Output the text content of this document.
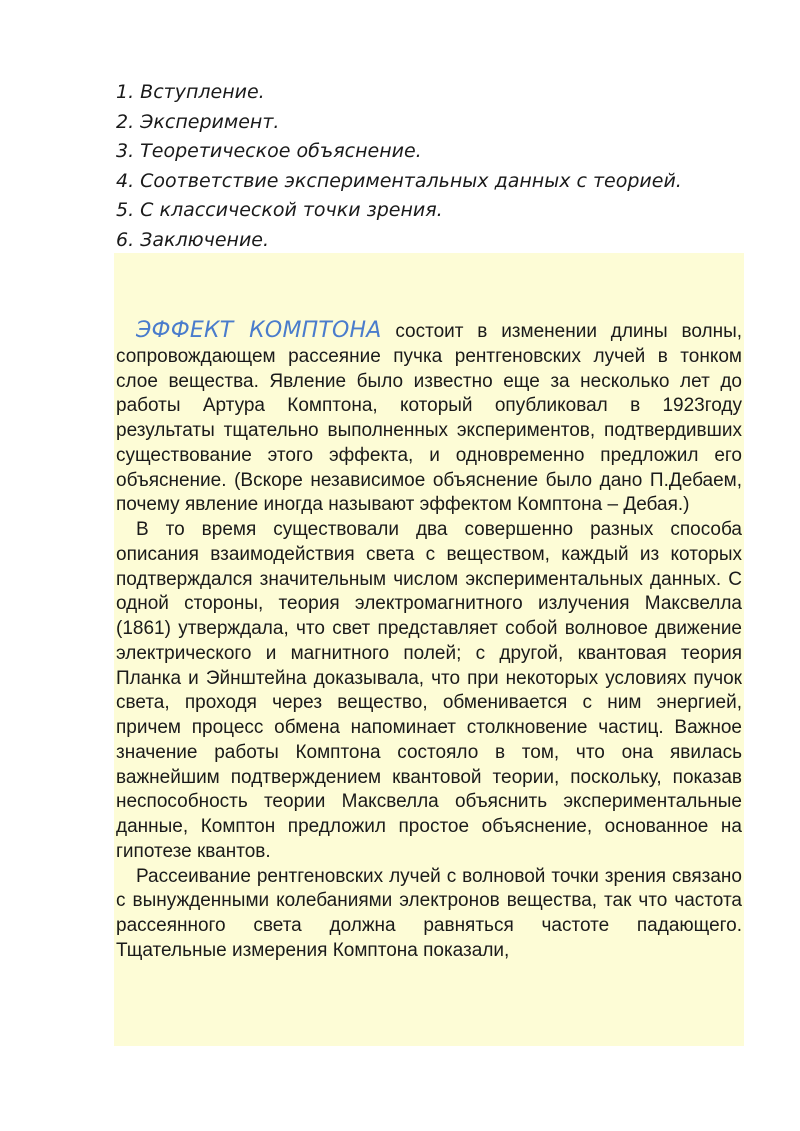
1. Вступление.
2. Эксперимент.
3. Теоретическое объяснение.
4. Соответствие экспериментальных данных с теорией.
5. С классической точки зрения.
6. Заключение.

ЭФФЕКТ КОМПТОНА состоит в изменении длины волны, сопровождающем рассеяние пучка рентгеновских лучей в тонком слое вещества. Явление было известно еще за несколько лет до работы Артура Комптона, который опубликовал в 1923году результаты тщательно выполненных экспериментов, подтвердивших существование этого эффекта, и одновременно предложил его объяснение. (Вскоре независимое объяснение было дано П.Дебаем, почему явление иногда называют эффектом Комптона – Дебая.)

В то время существовали два совершенно разных способа описания взаимодействия света с веществом, каждый из которых подтверждался значительным числом экспериментальных данных. С одной стороны, теория электромагнитного излучения Максвелла (1861) утверждала, что свет представляет собой волновое движение электрического и магнитного полей; с другой, квантовая теория Планка и Эйнштейна доказывала, что при некоторых условиях пучок света, проходя через вещество, обменивается с ним энергией, причем процесс обмена напоминает столкновение частиц. Важное значение работы Комптона состояло в том, что она явилась важнейшим подтверждением квантовой теории, поскольку, показав неспособность теории Максвелла объяснить экспериментальные данные, Комптон предложил простое объяснение, основанное на гипотезе квантов.

Рассеивание рентгеновских лучей с волновой точки зрения связано с вынужденными колебаниями электронов вещества, так что частота рассеянного света должна равняться частоте падающего. Тщательные измерения Комптона показали,
